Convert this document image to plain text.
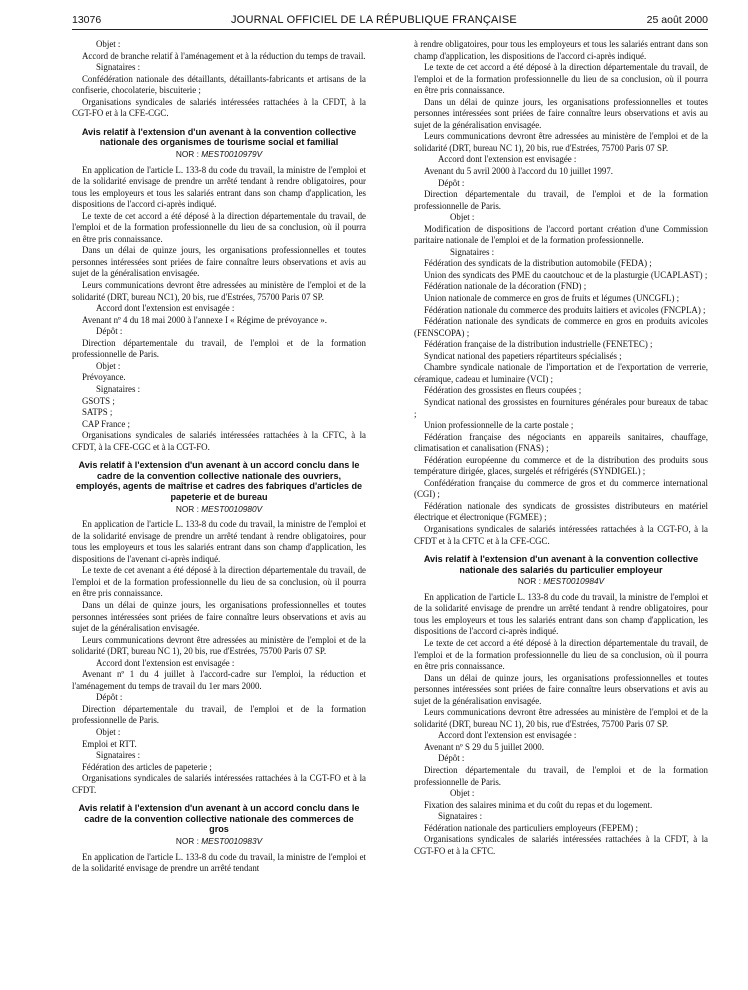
13076	JOURNAL OFFICIEL DE LA RÉPUBLIQUE FRANÇAISE	25 août 2000

Objet :

Accord de branche relatif à l'aménagement et à la réduction du temps de travail.

Signataires :

Confédération nationale des détaillants, détaillants-fabricants et artisans de la confiserie, chocolaterie, biscuiterie ;

Organisations syndicales de salariés intéressées rattachées à la CFDT, à la CGT-FO et à la CFE-CGC.

Avis relatif à l'extension d'un avenant à la convention collective nationale des organismes de tourisme social et familial
NOR : MESТ0010979V

En application de l'article L. 133-8 du code du travail, la ministre de l'emploi et de la solidarité envisage de prendre un arrêté tendant à rendre obligatoires, pour tous les employeurs et tous les salariés entrant dans son champ d'application, les dispositions de l'accord ci-après indiqué.

Le texte de cet accord a été déposé à la direction départementale du travail, de l'emploi et de la formation professionnelle du lieu de sa conclusion, où il pourra en être pris connaissance.

Dans un délai de quinze jours, les organisations professionnelles et toutes personnes intéressées sont priées de faire connaître leurs observations et avis au sujet de la généralisation envisagée.

Leurs communications devront être adressées au ministère de l'emploi et de la solidarité (DRT, bureau NC1), 20 bis, rue d'Estrées, 75700 Paris 07 SP.

Accord dont l'extension est envisagée :

Avenant nº 4 du 18 mai 2000 à l'annexe I « Régime de prévoyance ».

Dépôt :

Direction départementale du travail, de l'emploi et de la formation professionnelle de Paris.

Objet :

Prévoyance.

Signataires :

GSOTS ;

SATPS ;

CAP France ;

Organisations syndicales de salariés intéressées rattachées à la CFTC, à la CFDT, à la CFE-CGC et à la CGT-FO.

Avis relatif à l'extension d'un avenant à un accord conclu dans le cadre de la convention collective nationale des ouvriers, employés, agents de maîtrise et cadres des fabriques d'articles de papeterie et de bureau
NOR : MEST0010980V

En application de l'article L. 133-8 du code du travail, la ministre de l'emploi et de la solidarité envisage de prendre un arrêté tendant à rendre obligatoires, pour tous les employeurs et tous les salariés entrant dans son champ d'application, les dispositions de l'avenant ci-après indiqué.

Le texte de cet avenant a été déposé à la direction départementale du travail, de l'emploi et de la formation professionnelle du lieu de sa conclusion, où il pourra en être pris connaissance.

Dans un délai de quinze jours, les organisations professionnelles et toutes personnes intéressées sont priées de faire connaître leurs observations et avis au sujet de la généralisation envisagée.

Leurs communications devront être adressées au ministère de l'emploi et de la solidarité (DRT, bureau NC 1), 20 bis, rue d'Estrées, 75700 Paris 07 SP.

Accord dont l'extension est envisagée :

Avenant nº 1 du 4 juillet à l'accord-cadre sur l'emploi, la réduction et l'aménagement du temps de travail du 1er mars 2000.

Dépôt :

Direction départementale du travail, de l'emploi et de la formation professionnelle de Paris.

Objet :

Emploi et RTT.

Signataires :

Fédération des articles de papeterie ;

Organisations syndicales de salariés intéressées rattachées à la CGT-FO et à la CFDT.

Avis relatif à l'extension d'un avenant à un accord conclu dans le cadre de la convention collective nationale des commerces de gros
NOR : MEST0010983V

En application de l'article L. 133-8 du code du travail, la ministre de l'emploi et de la solidarité envisage de prendre un arrêté tendant

à rendre obligatoires, pour tous les employeurs et tous les salariés entrant dans son champ d'application, les dispositions de l'accord ci-après indiqué.

Le texte de cet accord a été déposé à la direction départementale du travail, de l'emploi et de la formation professionnelle du lieu de sa conclusion, où il pourra en être pris connaissance.

Dans un délai de quinze jours, les organisations professionnelles et toutes personnes intéressées sont priées de faire connaître leurs observations et avis au sujet de la généralisation envisagée.

Leurs communications devront être adressées au ministère de l'emploi et de la solidarité (DRT, bureau NC 1), 20 bis, rue d'Estrées, 75700 Paris 07 SP.

Accord dont l'extension est envisagée :

Avenant du 5 avril 2000 à l'accord du 10 juillet 1997.

Dépôt :

Direction départementale du travail, de l'emploi et de la formation professionnelle de Paris.

Objet :

Modification de dispositions de l'accord portant création d'une Commission paritaire nationale de l'emploi et de la formation professionnelle.

Signataires :

Fédération des syndicats de la distribution automobile (FEDA) ;

Union des syndicats des PME du caoutchouc et de la plasturgie (UCAPLAST) ;

Fédération nationale de la décoration (FND) ;

Union nationale de commerce en gros de fruits et légumes (UNCGFL) ;

Fédération nationale du commerce des produits laitiers et avicoles (FNCPLA) ;

Fédération nationale des syndicats de commerce en gros en produits avicoles (FENSCOPA) ;

Fédération française de la distribution industrielle (FENETEC) ;

Syndicat national des papetiers répartiteurs spécialisés ;

Chambre syndicale nationale de l'importation et de l'exportation de verrerie, céramique, cadeau et luminaire (VCI) ;

Fédération des grossistes en fleurs coupées ;

Syndicat national des grossistes en fournitures générales pour bureaux de tabac ;

Union professionnelle de la carte postale ;

Fédération française des négociants en appareils sanitaires, chauffage, climatisation et canalisation (FNAS) ;

Fédération européenne du commerce et de la distribution des produits sous température dirigée, glaces, surgelés et réfrigérés (SYNDIGEL) ;

Confédération française du commerce de gros et du commerce international (CGI) ;

Fédération nationale des syndicats de grossistes distributeurs en matériel électrique et électronique (FGMEE) ;

Organisations syndicales de salariés intéressées rattachées à la CGT-FO, à la CFDT et à la CFTC et à la CFE-CGC.

Avis relatif à l'extension d'un avenant à la convention collective nationale des salariés du particulier employeur
NOR : MEST0010984V

En application de l'article L. 133-8 du code du travail, la ministre de l'emploi et de la solidarité envisage de prendre un arrêté tendant à rendre obligatoires, pour tous les employeurs et tous les salariés entrant dans son champ d'application, les dispositions de l'accord ci-après indiqué.

Le texte de cet accord a été déposé à la direction départementale du travail, de l'emploi et de la formation professionnelle du lieu de sa conclusion, où il pourra en être pris connaissance.

Dans un délai de quinze jours, les organisations professionnelles et toutes personnes intéressées sont priées de faire connaître leurs observations et avis au sujet de la généralisation envisagée.

Leurs communications devront être adressées au ministère de l'emploi et de la solidarité (DRT, bureau NC 1), 20 bis, rue d'Estrées, 75700 Paris 07 SP.

Accord dont l'extension est envisagée :

Avenant nº S 29 du 5 juillet 2000.

Dépôt :

Direction départementale du travail, de l'emploi et de la formation professionnelle de Paris.

Objet :

Fixation des salaires minima et du coût du repas et du logement.

Signataires :

Fédération nationale des particuliers employeurs (FEPEM) ;

Organisations syndicales de salariés intéressées rattachées à la CFDT, à la CGT-FO et à la CFTC.
